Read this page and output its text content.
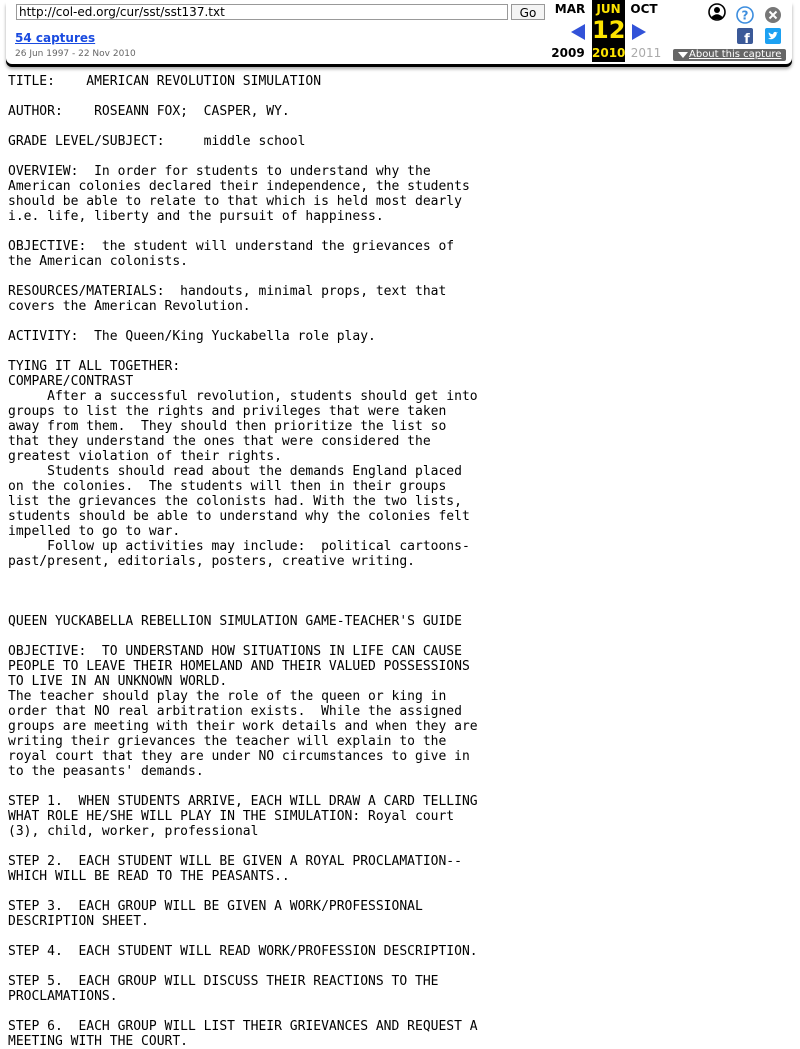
http://col-ed.org/cur/sst/sst137.txt
Go
54 captures
26 Jun 1997 - 22 Nov 2010
MAR JUN OCT
12
2009 2010 2011
?
f
About this capture
TITLE:    AMERICAN REVOLUTION SIMULATION

AUTHOR:    ROSEANN FOX;  CASPER, WY.

GRADE LEVEL/SUBJECT:     middle school

OVERVIEW:  In order for students to understand why the
American colonies declared their independence, the students
should be able to relate to that which is held most dearly
i.e. life, liberty and the pursuit of happiness.

OBJECTIVE:  the student will understand the grievances of
the American colonists.

RESOURCES/MATERIALS:  handouts, minimal props, text that
covers the American Revolution.

ACTIVITY:  The Queen/King Yuckabella role play.

TYING IT ALL TOGETHER:
COMPARE/CONTRAST
After a successful revolution, students should get into
groups to list the rights and privileges that were taken
away from them.  They should then prioritize the list so
that they understand the ones that were considered the
greatest violation of their rights.
Students should read about the demands England placed
on the colonies.  The students will then in their groups
list the grievances the colonists had. With the two lists,
students should be able to understand why the colonies felt
impelled to go to war.
Follow up activities may include:  political cartoons-
past/present, editorials, posters, creative writing.

QUEEN YUCKABELLA REBELLION SIMULATION GAME-TEACHER'S GUIDE

OBJECTIVE:  TO UNDERSTAND HOW SITUATIONS IN LIFE CAN CAUSE
PEOPLE TO LEAVE THEIR HOMELAND AND THEIR VALUED POSSESSIONS
TO LIVE IN AN UNKNOWN WORLD.
The teacher should play the role of the queen or king in
order that NO real arbitration exists.  While the assigned
groups are meeting with their work details and when they are
writing their grievances the teacher will explain to the
royal court that they are under NO circumstances to give in
to the peasants' demands.

STEP 1.  WHEN STUDENTS ARRIVE, EACH WILL DRAW A CARD TELLING
WHAT ROLE HE/SHE WILL PLAY IN THE SIMULATION: Royal court
(3), child, worker, professional

STEP 2.  EACH STUDENT WILL BE GIVEN A ROYAL PROCLAMATION--
WHICH WILL BE READ TO THE PEASANTS..

STEP 3.  EACH GROUP WILL BE GIVEN A WORK/PROFESSIONAL
DESCRIPTION SHEET.

STEP 4.  EACH STUDENT WILL READ WORK/PROFESSION DESCRIPTION.

STEP 5.  EACH GROUP WILL DISCUSS THEIR REACTIONS TO THE
PROCLAMATIONS.

STEP 6.  EACH GROUP WILL LIST THEIR GRIEVANCES AND REQUEST A
MEETING WITH THE COURT.
